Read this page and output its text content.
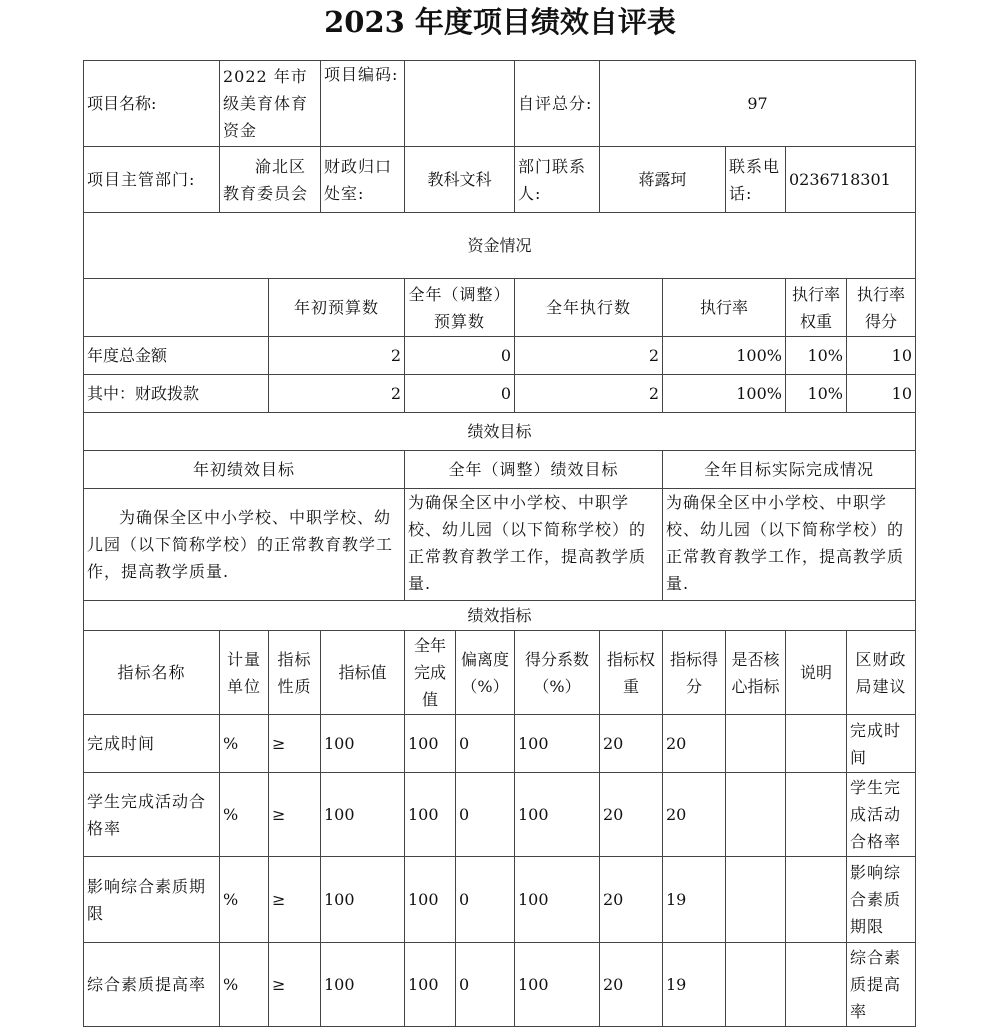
2023 年度项目绩效自评表
项目名称:	2022 年市级美育体育资金		项目编码:			自评总分:	97				
项目主管部门:	渝北区教育委员会		财政归口处室:	教科文科		部门联系人:	蒋露珂		联系电话:	0236718301	
资金情况											
		年初预算数		全年（调整）预算数		全年执行数		执行率		执行率权重	执行率得分
年度总金额		2		0		2		100%		10%	10
其中：财政拨款		2		0		2		100%		10%	10
绩效目标											
年初绩效目标				全年（调整）绩效目标				全年目标实际完成情况			
为确保全区中小学校、中职学校、幼儿园（以下简称学校）的正常教育教学工作，提高教学质量.				为确保全区中小学校、中职学校、幼儿园（以下简称学校）的正常教育教学工作，提高教学质量.				为确保全区中小学校、中职学校、幼儿园（以下简称学校）的正常教育教学工作，提高教学质量.			
绩效指标											
指标名称	计量单位	指标性质	指标值	全年完成值	偏离度（%）	得分系数（%）	指标权重	指标得分	是否核心指标	说明	区财政局建议
完成时间	%	≥	100	100	0	100	20	20			完成时间
学生完成活动合格率	%	≥	100	100	0	100	20	20			学生完成活动合格率
影响综合素质期限	%	≥	100	100	0	100	20	19			影响综合素质期限
综合素质提高率	%	≥	100	100	0	100	20	19			综合素质提高率
